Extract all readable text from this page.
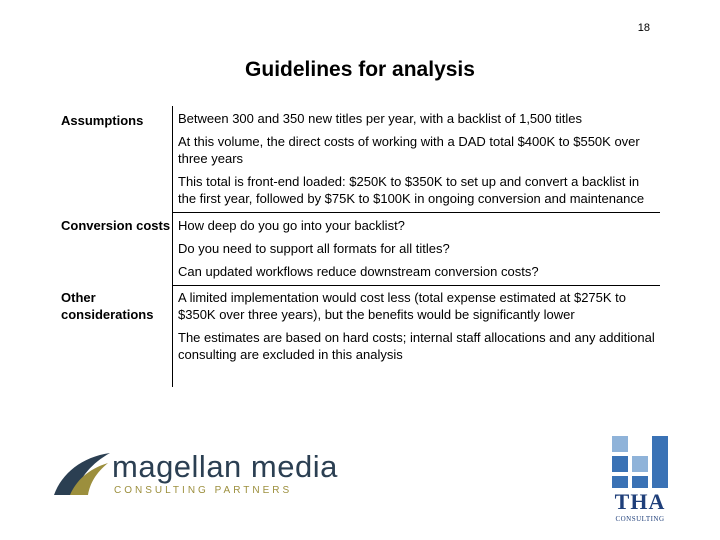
18
Guidelines for analysis
Assumptions	Between 300 and 350 new titles per year, with a backlist of 1,500 titles
At this volume, the direct costs of working with a DAD total $400K to $550K over three years
This total is front-end loaded: $250K to $350K to set up and convert a backlist in the first year, followed by $75K to $100K in ongoing conversion and maintenance
Conversion costs How deep do you go into your backlist?
Do you need to support all formats for all titles?
Can updated workflows reduce downstream conversion costs?
Other considerations
A limited implementation would cost less (total expense estimated at $275K to $350K over three years), but the benefits would be significantly lower
The estimates are based on hard costs; internal staff allocations and any additional consulting are excluded in this analysis
magellan media
CONSULTING PARTNERS	THA
CONSULTING
